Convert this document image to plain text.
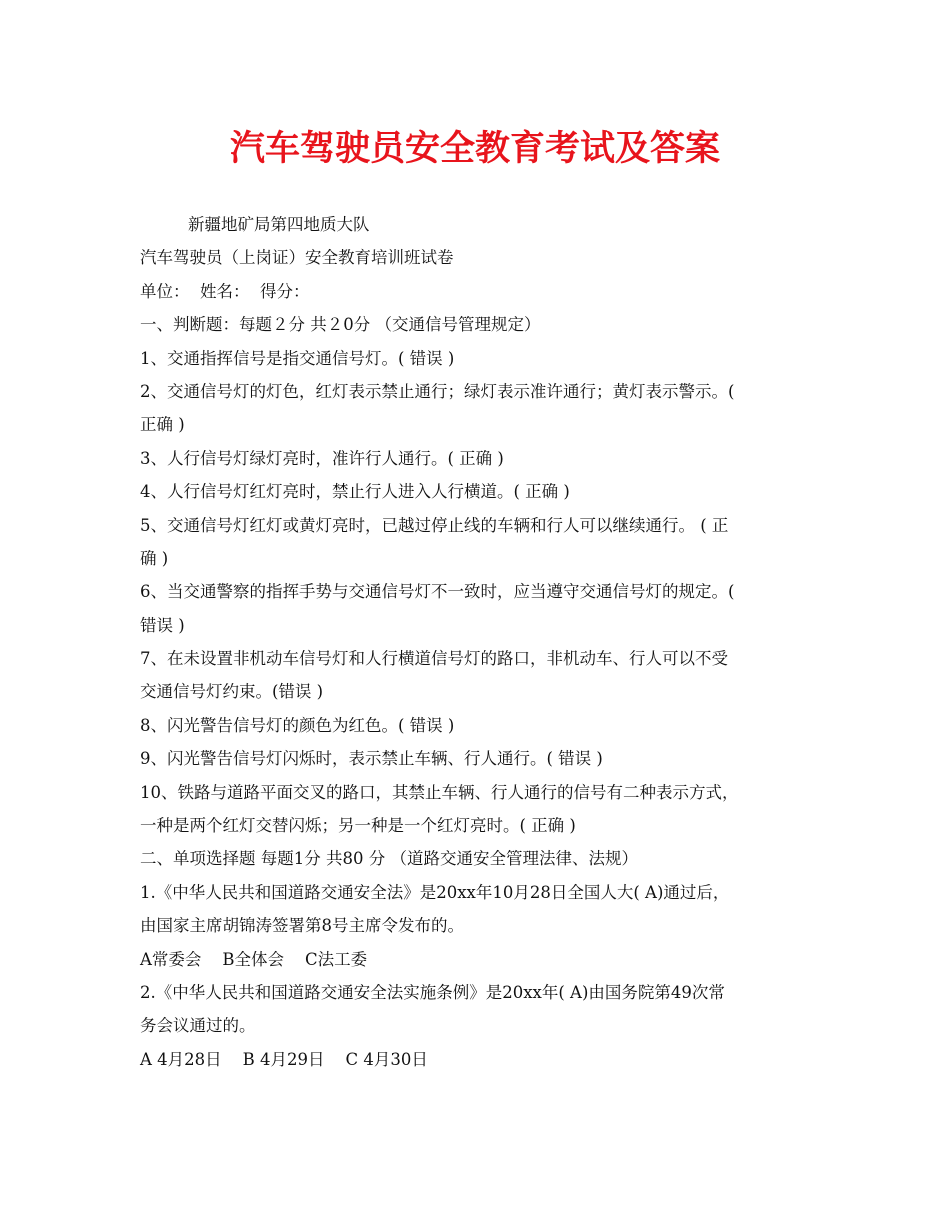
汽车驾驶员安全教育考试及答案
新疆地矿局第四地质大队
汽车驾驶员（上岗证）安全教育培训班试卷
单位：  姓名：  得分：
一、判断题：每题２分 共２0分 （交通信号管理规定）
1、交通指挥信号是指交通信号灯。( 错误 )
2、交通信号灯的灯色，红灯表示禁止通行；绿灯表示准许通行；黄灯表示警示。(
正确 )
3、人行信号灯绿灯亮时，准许行人通行。( 正确 )
4、人行信号灯红灯亮时，禁止行人进入人行横道。( 正确 )
5、交通信号灯红灯或黄灯亮时，已越过停止线的车辆和行人可以继续通行。 ( 正
确 )
6、当交通警察的指挥手势与交通信号灯不一致时，应当遵守交通信号灯的规定。(
错误 )
7、在未设置非机动车信号灯和人行横道信号灯的路口，非机动车、行人可以不受
交通信号灯约束。(错误 )
8、闪光警告信号灯的颜色为红色。( 错误 )
9、闪光警告信号灯闪烁时，表示禁止车辆、行人通行。( 错误 )
10、铁路与道路平面交叉的路口，其禁止车辆、行人通行的信号有二种表示方式，
一种是两个红灯交替闪烁；另一种是一个红灯亮时。( 正确 )
二、单项选择题 每题1分 共80 分 （道路交通安全管理法律、法规）
1.《中华人民共和国道路交通安全法》是20xx年10月28日全国人大( A)通过后，
由国家主席胡锦涛签署第8号主席令发布的。
A常委会    B全体会    C法工委
2.《中华人民共和国道路交通安全法实施条例》是20xx年( A)由国务院第49次常
务会议通过的。
A 4月28日    B 4月29日    C 4月30日
